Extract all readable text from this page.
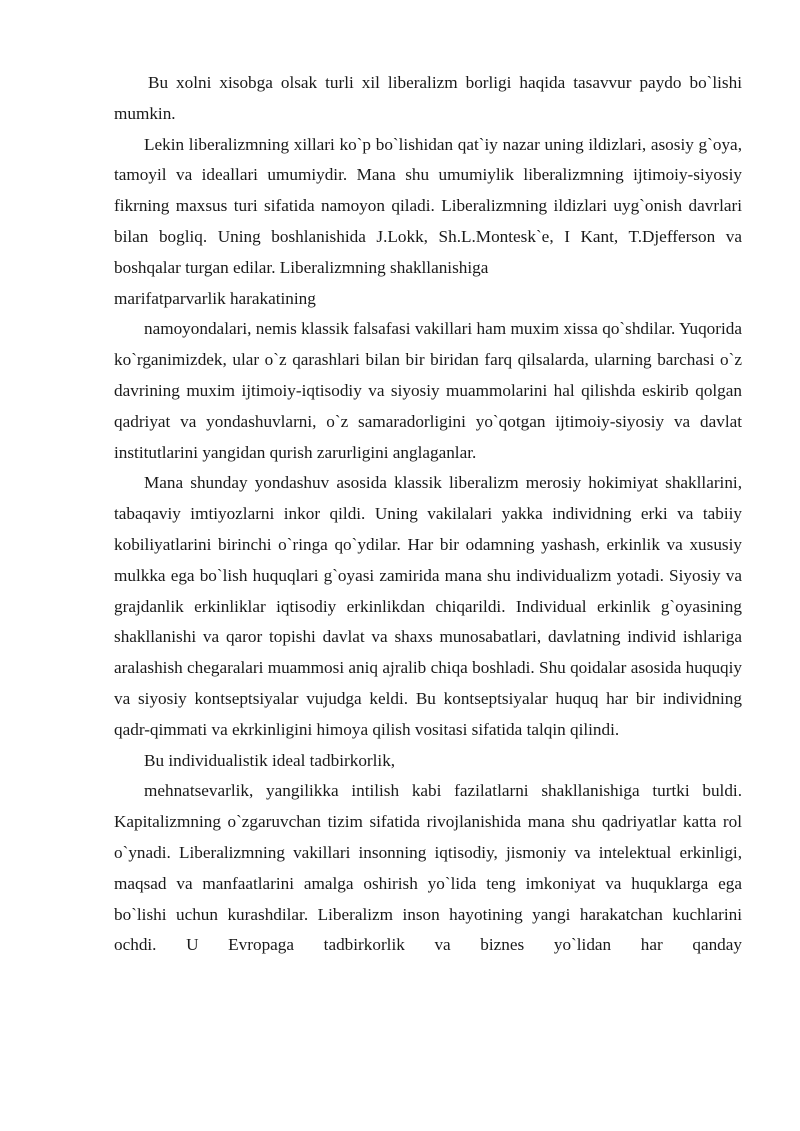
Bu xolni xisobga olsak turli xil liberalizm borligi haqida tasavvur paydo bo`lishi mumkin.

Lekin liberalizmning xillari ko`p bo`lishidan qat`iy nazar uning ildizlari, asosiy g`oya, tamoyil va ideallari umumiydir. Mana shu umumiylik liberalizmning ijtimoiy-siyosiy fikrning maxsus turi sifatida namoyon qiladi. Liberalizmning ildizlari uyg`onish davrlari bilan bogliq. Uning boshlanishida J.Lokk, Sh.L.Montesk`e, I Kant, T.Djefferson va boshqalar turgan edilar. Liberalizmning shakllanishiga

marifatparvarlik harakatining

namoyondalari, nemis klassik falsafasi vakillari ham muxim xissa qo`shdilar. Yuqorida ko`rganimizdek, ular o`z qarashlari bilan bir biridan farq qilsalarda, ularning barchasi o`z davrining muxim ijtimoiy-iqtisodiy va siyosiy muammolarini hal qilishda eskirib qolgan qadriyat va yondashuvlarni, o`z samaradorligini yo`qotgan ijtimoiy-siyosiy va davlat institutlarini yangidan qurish zarurligini anglaganlar.

Mana shunday yondashuv asosida klassik liberalizm merosiy hokimiyat shakllarini, tabaqaviy imtiyozlarni inkor qildi. Uning vakilalari yakka individning erki va tabiiy kobiliyatlarini birinchi o`ringa qo`ydilar. Har bir odamning yashash, erkinlik va xususiy mulkka ega bo`lish huquqlari g`oyasi zamirida mana shu individualizm yotadi. Siyosiy va grajdanlik erkinliklar iqtisodiy erkinlikdan chiqarildi. Individual erkinlik g`oyasining shakllanishi va qaror topishi davlat va shaxs munosabatlari, davlatning individ ishlariga aralashish chegaralari muammosi aniq ajralib chiqa boshladi. Shu qoidalar asosida huquqiy va siyosiy kontseptsiyalar vujudga keldi. Bu kontseptsiyalar huquq har bir individning qadr-qimmati va ekrkinligini himoya qilish vositasi sifatida talqin qilindi.

Bu individualistik ideal tadbirkorlik,

mehnatsevarlik, yangilikka intilish kabi fazilatlarni shakllanishiga turtki buldi. Kapitalizmning o`zgaruvchan tizim sifatida rivojlanishida mana shu qadriyatlar katta rol o`ynadi. Liberalizmning vakillari insonning iqtisodiy, jismoniy va intelektual erkinligi, maqsad va manfaatlarini amalga oshirish yo`lida teng imkoniyat va huquklarga ega bo`lishi uchun kurashdilar. Liberalizm inson hayotining yangi harakatchan kuchlarini ochdi. U Evropaga tadbirkorlik va biznes yo`lidan har qanday
